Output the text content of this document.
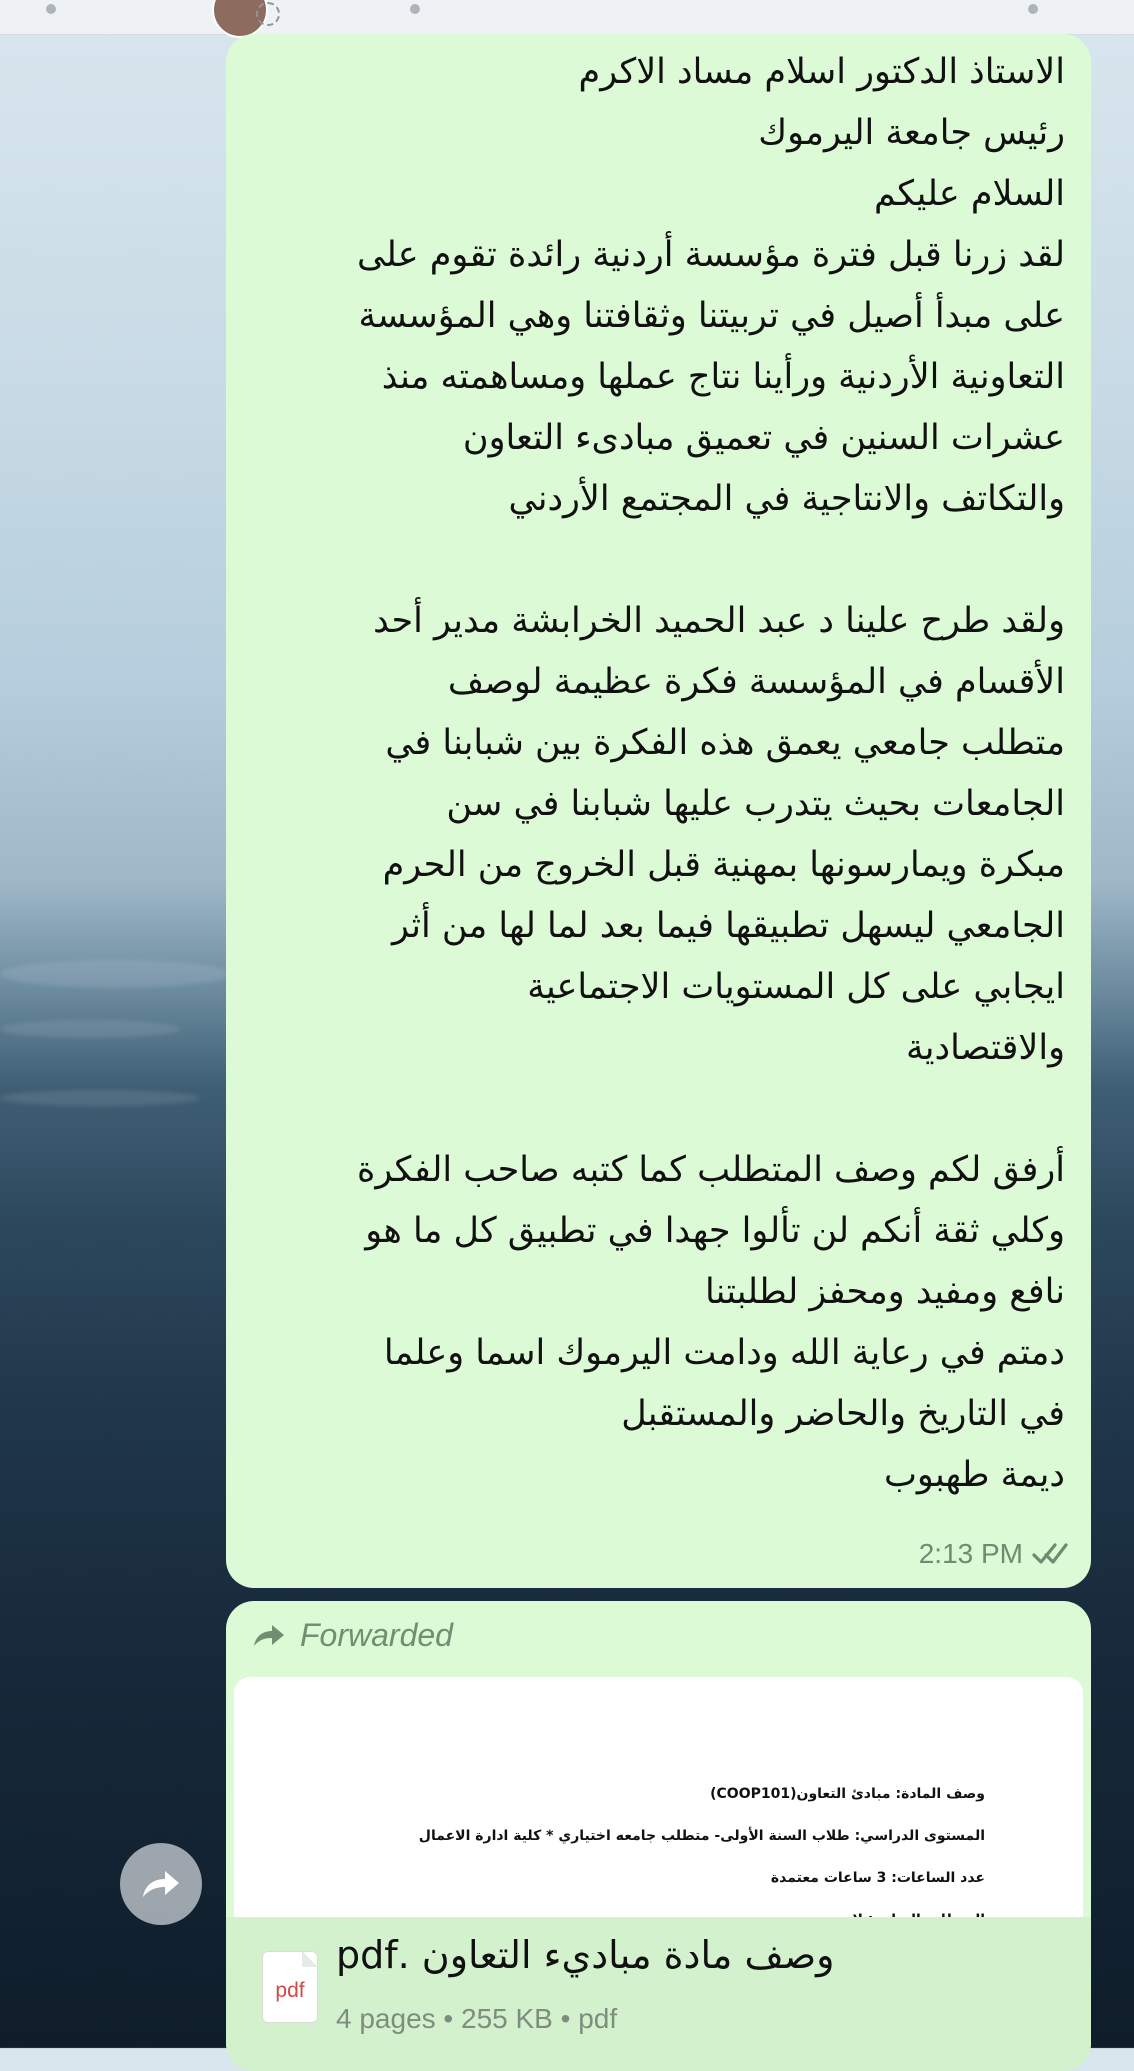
الاستاذ الدكتور اسلام مساد الاكرم
رئيس جامعة اليرموك
السلام عليكم
لقد زرنا قبل فترة مؤسسة أردنية رائدة تقوم على
على مبدأ أصيل في تربيتنا وثقافتنا وهي المؤسسة
التعاونية الأردنية ورأينا نتاج عملها ومساهمته منذ
عشرات السنين في تعميق مبادىء التعاون
والتكاتف والانتاجية في المجتمع الأردني

ولقد طرح علينا د عبد الحميد الخرابشة مدير أحد
الأقسام في المؤسسة فكرة عظيمة لوصف
متطلب جامعي يعمق هذه الفكرة بين شبابنا في
الجامعات بحيث يتدرب عليها شبابنا في سن
مبكرة ويمارسونها بمهنية قبل الخروج من الحرم
الجامعي ليسهل تطبيقها فيما بعد لما لها من أثر
ايجابي على كل المستويات الاجتماعية
والاقتصادية

أرفق لكم وصف المتطلب كما كتبه صاحب الفكرة
وكلي ثقة أنكم لن تألوا جهدا في تطبيق كل ما هو
نافع ومفيد ومحفز لطلبتنا
دمتم في رعاية الله ودامت اليرموك اسما وعلما
في التاريخ والحاضر والمستقبل
ديمة طهبوب
2:13 PM
Forwarded
وصف المادة: مبادئ التعاون(COOP101)
المستوى الدراسي: طلاب السنة الأولى- متطلب جامعه اختياري * كلية ادارة الاعمال
عدد الساعات: 3 ساعات معتمدة
pdf
وصف مادة مباديء التعاون .pdf
4 pages • 255 KB • pdf
